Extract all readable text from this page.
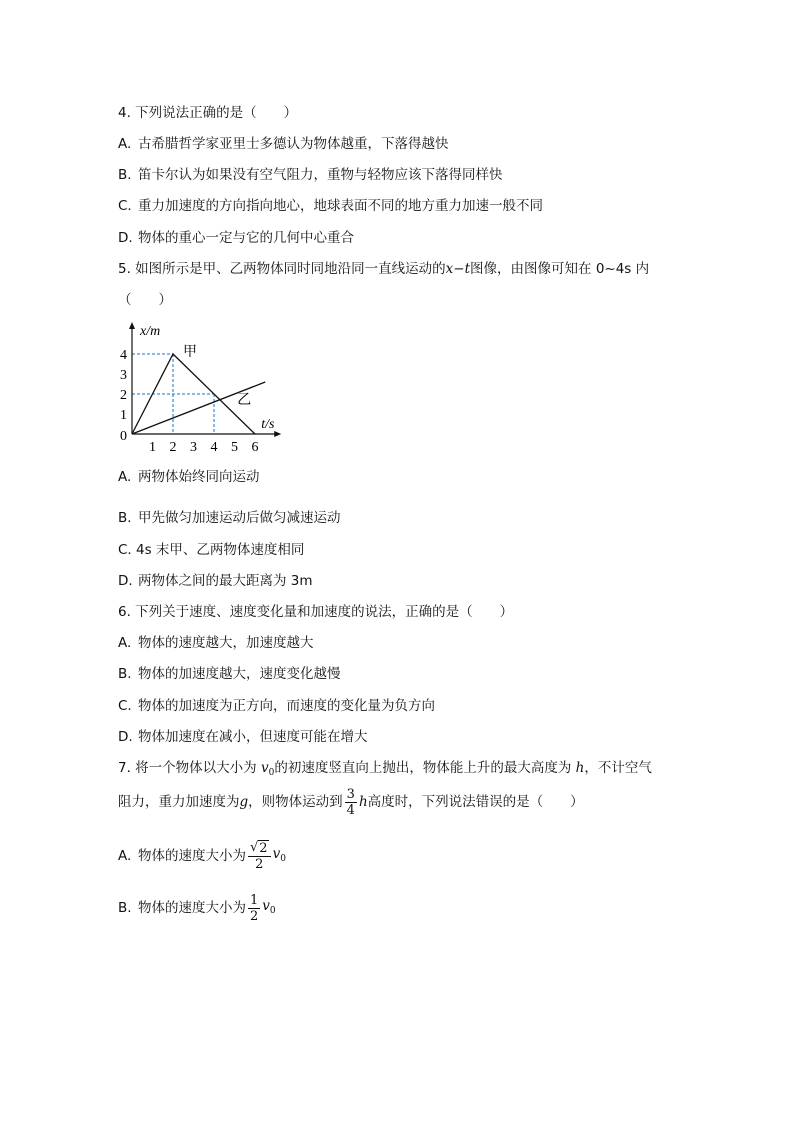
4. 下列说法正确的是（　　）
A. 古希腊哲学家亚里士多德认为物体越重，下落得越快
B. 笛卡尔认为如果没有空气阻力，重物与轻物应该下落得同样快
C. 重力加速度的方向指向地心，地球表面不同的地方重力加速一般不同
D. 物体的重心一定与它的几何中心重合
5. 如图所示是甲、乙两物体同时同地沿同一直线运动的x−t图像，由图像可知在 0~4s 内
（　　）
x/m
t/s
1 2 3 4 5 6
1
2
3
4
0
甲
乙
A. 两物体始终同向运动
B. 甲先做匀加速运动后做匀减速运动
C. 4s 末甲、乙两物体速度相同
D. 两物体之间的最大距离为 3m
6. 下列关于速度、速度变化量和加速度的说法，正确的是（　　）
A. 物体的速度越大，加速度越大
B. 物体的加速度越大，速度变化越慢
C. 物体的加速度为正方向，而速度的变化量为负方向
D. 物体加速度在减小，但速度可能在增大
7. 将一个物体以大小为 $v_0$的初速度竖直向上抛出，物体能上升的最大高度为 h，不计空气
阻力，重力加速度为 g ，则物体运动到 $\frac{3}{4}$ h 高度时，下列说法错误的是（　　）
A. 物体的速度大小为 $\frac{√ 2}{2} v_0$
B. 物体的速度大小为 $\frac{1}{2} v_0$
